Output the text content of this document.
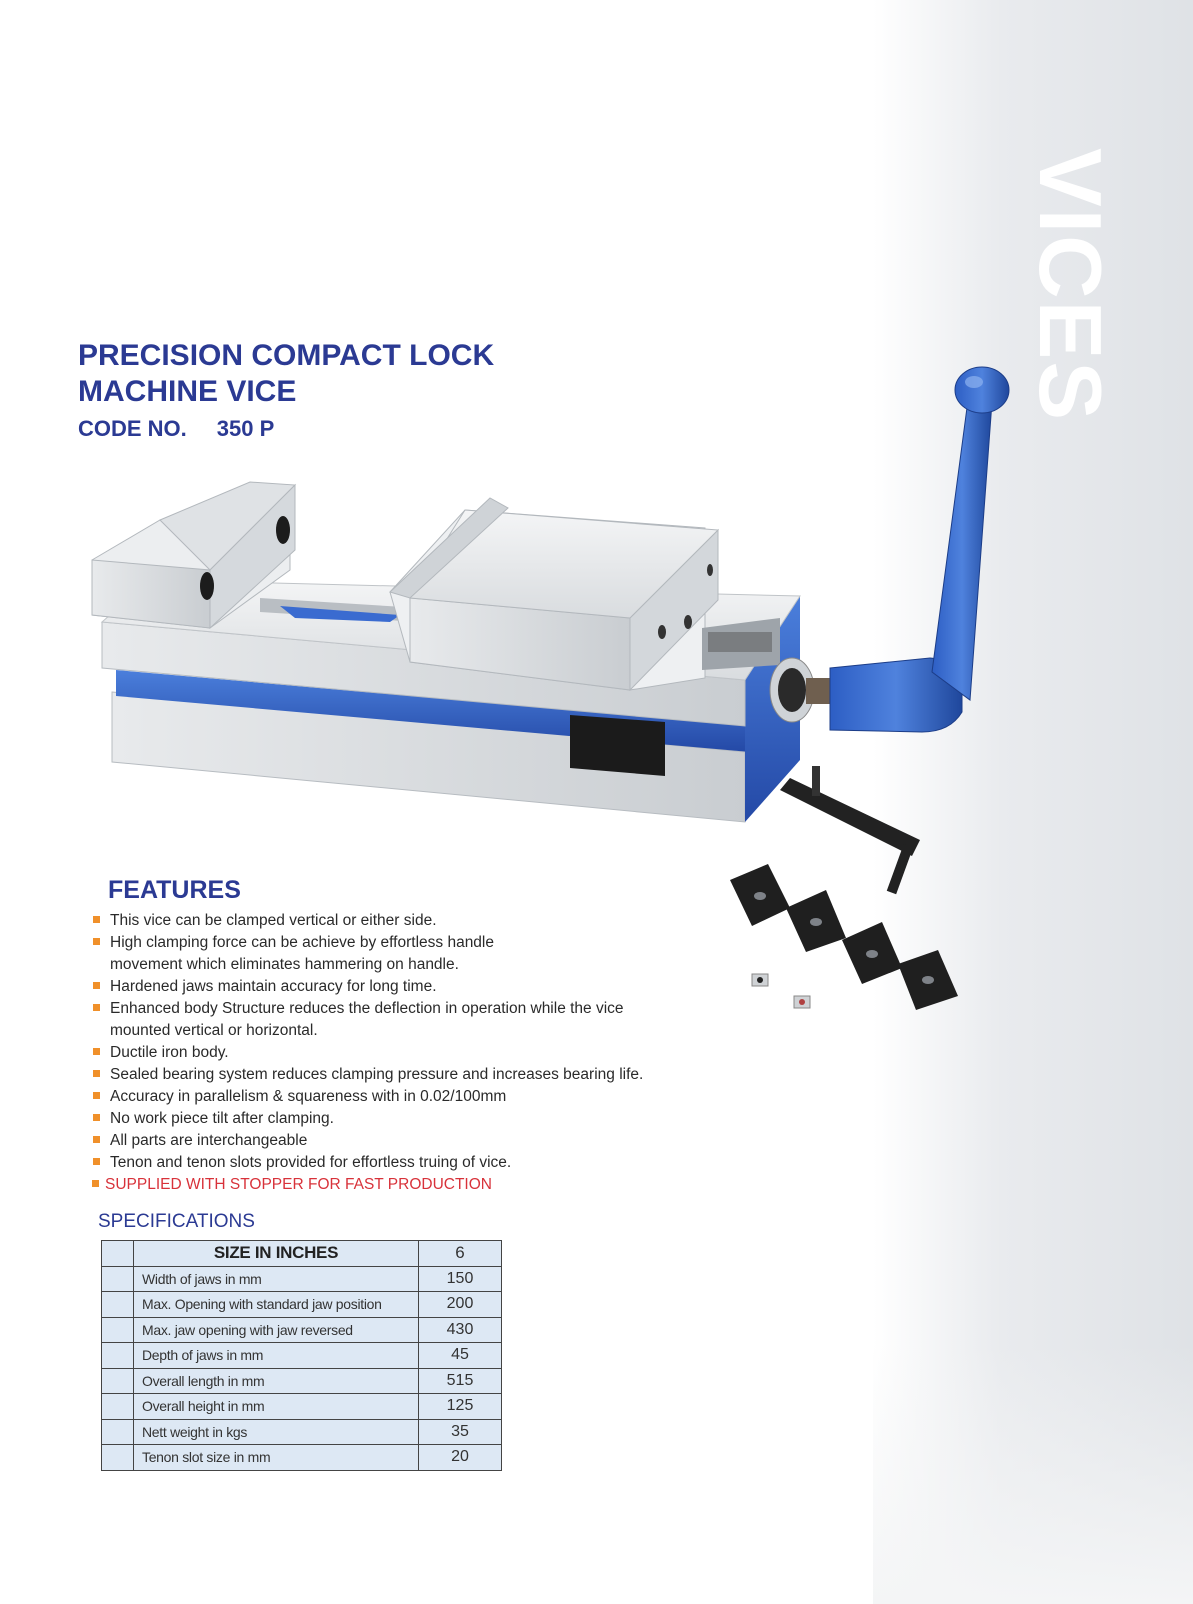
VICES
PRECISION COMPACT LOCK
MACHINE VICE
CODE NO. 350 P
FEATURES
This vice can be clamped vertical or either side.
High clamping force can be achieve by effortless handle movement which eliminates hammering on handle.
Hardened jaws maintain accuracy for long time.
Enhanced body Structure reduces the deflection in operation while the vice mounted vertical or horizontal.
Ductile iron body.
Sealed bearing system reduces clamping pressure and increases bearing life.
Accuracy in parallelism & squareness with in 0.02/100mm
No work piece tilt after clamping.
All parts are interchangeable
Tenon and tenon slots provided for effortless truing of vice.
SUPPLIED WITH STOPPER FOR FAST PRODUCTION
SPECIFICATIONS
	SIZE IN INCHES	6
	Width of jaws in mm	150
	Max. Opening with standard jaw position	200
	Max. jaw opening with jaw reversed	430
	Depth of jaws in mm	45
	Overall length in mm	515
	Overall height in mm	125
	Nett weight in kgs	35
	Tenon slot size in mm	20
